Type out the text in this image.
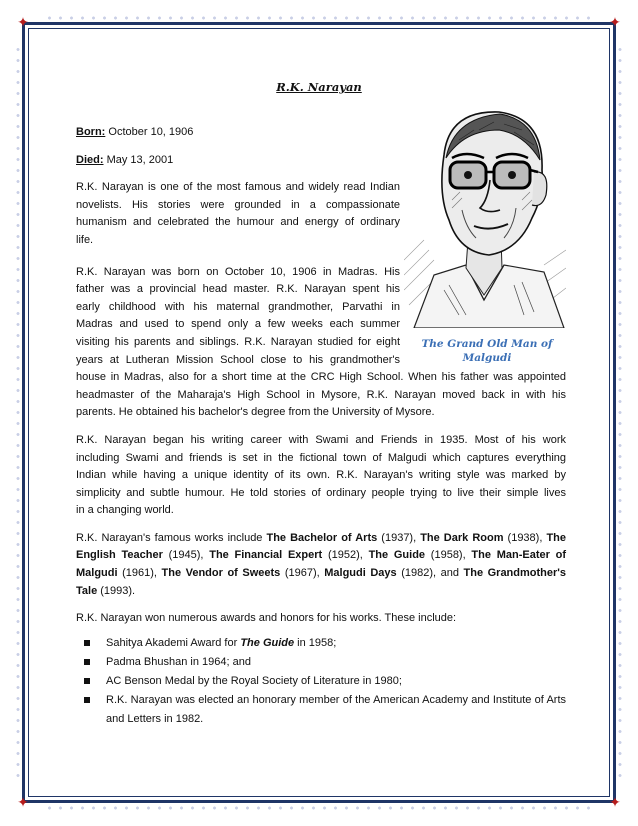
✦	✦
✦	✦
R.K. Narayan
The Grand Old Man of
Malgudi

Born: October 10, 1906

Died: May 13, 2001

R.K. Narayan is one of the most famous and widely read Indian
novelists. His stories were grounded in a compassionate
humanism and celebrated the humour and energy of ordinary
life.

R.K. Narayan was born on October 10, 1906 in Madras. His
father was a provincial head master. R.K. Narayan spent his
early childhood with his maternal grandmother, Parvathi in
Madras and used to spend only a few weeks each summer
visiting his parents and siblings. R.K. Narayan studied for eight
years at Lutheran Mission School close to his grandmother's
house in Madras, also for a short time at the CRC High School. When his father was appointed
headmaster of the Maharaja's High School in Mysore, R.K. Narayan moved back in with his
parents. He obtained his bachelor's degree from the University of Mysore.

R.K. Narayan began his writing career with Swami and Friends in 1935. Most of his work
including Swami and friends is set in the fictional town of Malgudi which captures everything
Indian while having a unique identity of its own. R.K. Narayan's writing style was marked by
simplicity and subtle humour. He told stories of ordinary people trying to live their simple lives
in a changing world.

R.K. Narayan's famous works include The Bachelor of Arts (1937), The Dark Room (1938), The English Teacher (1945), The Financial Expert (1952), The Guide (1958), The Man-Eater of Malgudi (1961), The Vendor of Sweets (1967), Malgudi Days (1982), and The Grandmother's Tale (1993).

R.K. Narayan won numerous awards and honors for his works. These include:

Sahitya Akademi Award for The Guide in 1958;
Padma Bhushan in 1964; and
AC Benson Medal by the Royal Society of Literature in 1980;
R.K. Narayan was elected an honorary member of the American Academy and Institute of Arts and Letters in 1982.
